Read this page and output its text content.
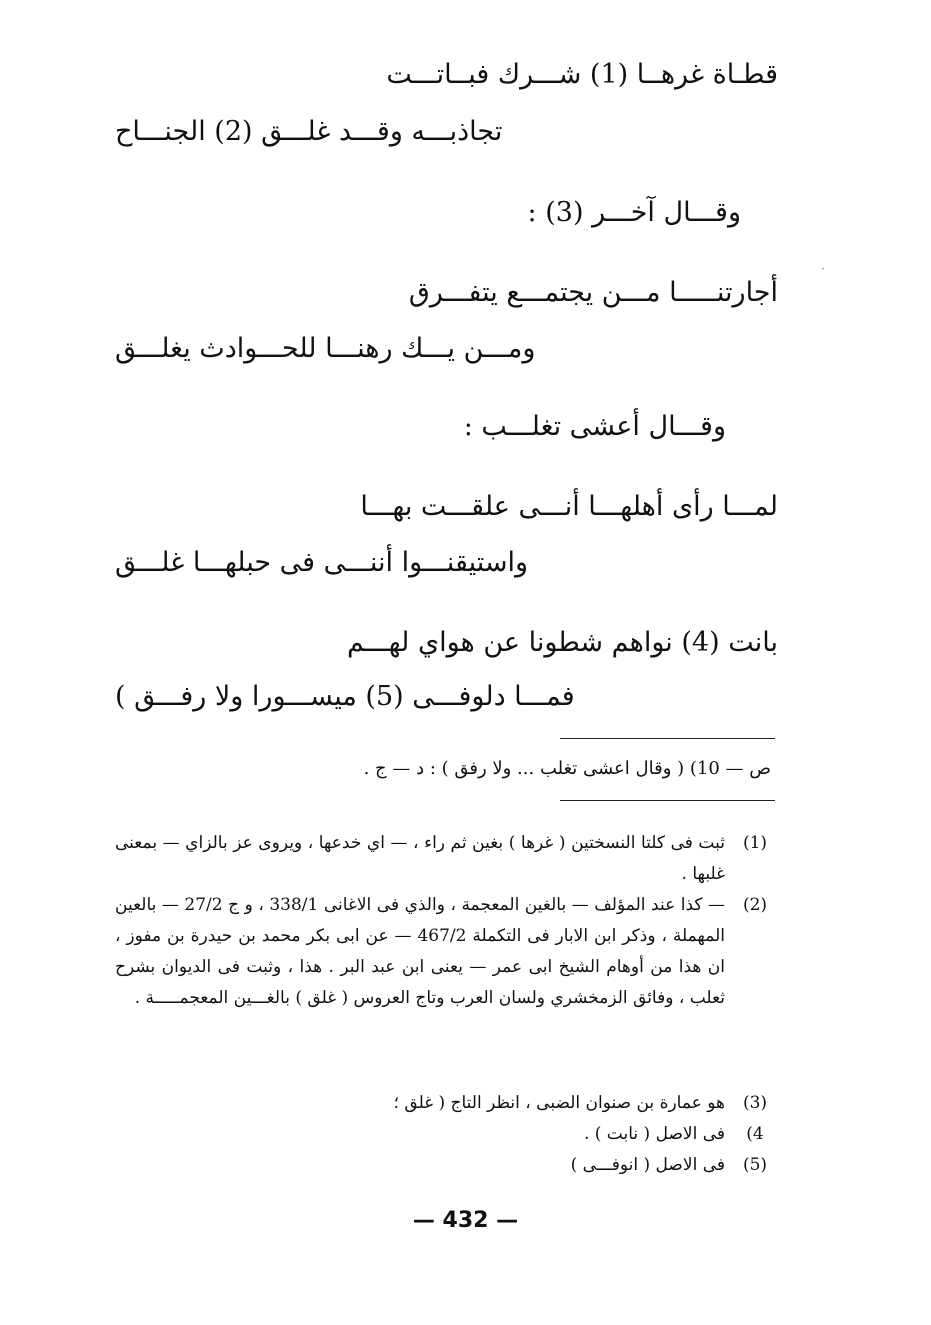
قطـاة غرهــا (1) شـــرك فبــاتـــت
تجاذبـــه وقـــد غلـــق (2) الجنـــاح
وقـــال آخـــر (3) :
أجارتنـــــا مـــن يجتمـــع يتفـــرق
ومـــن يـــك رهنـــا للحـــوادث يغلـــق
وقـــال أعشى تغلـــب :
لمـــا رأى أهلهـــا أنـــى علقـــت بهـــا
واستيقنـــوا أننـــى فى حبلهـــا غلـــق
بانت (4) نواهم شطونا عن هواي لهـــم
فمـــا دلوفـــى (5) ميســـورا ولا رفـــق )
ص — 10) ( وقال اعشى تغلب ... ولا رفق ) : د — ج .
(1)
ثبت فى كلتا النسختين ( غرها ) بغين ثم راء ، — اي خدعها ، ويروى عز بالزاي — بمعنى غلبها .
(2)
— كذا عند المؤلف — بالغين المعجمة ، والذي فى الاغانى 338/1 ، و ج 27/2 — بالعين المهملة ، وذكر ابن الابار فى التكملة 467/2 — عن ابى بكر محمد بن حيدرة بن مفوز ، ان هذا من أوهام الشيخ ابى عمر — يعنى ابن عبد البر . هذا ، وثبت فى الديوان بشرح ثعلب ، وفائق الزمخشري ولسان العرب وتاج العروس ( غلق ) بالغـــين المعجمـــــة .
(3)
هو عمارة بن صنوان الضبى ، انظر التاج ( غلق ؛
4)
فى الاصل ( نابت ) .
(5)
فى الاصل ( انوفـــى )
— 432 —
·
